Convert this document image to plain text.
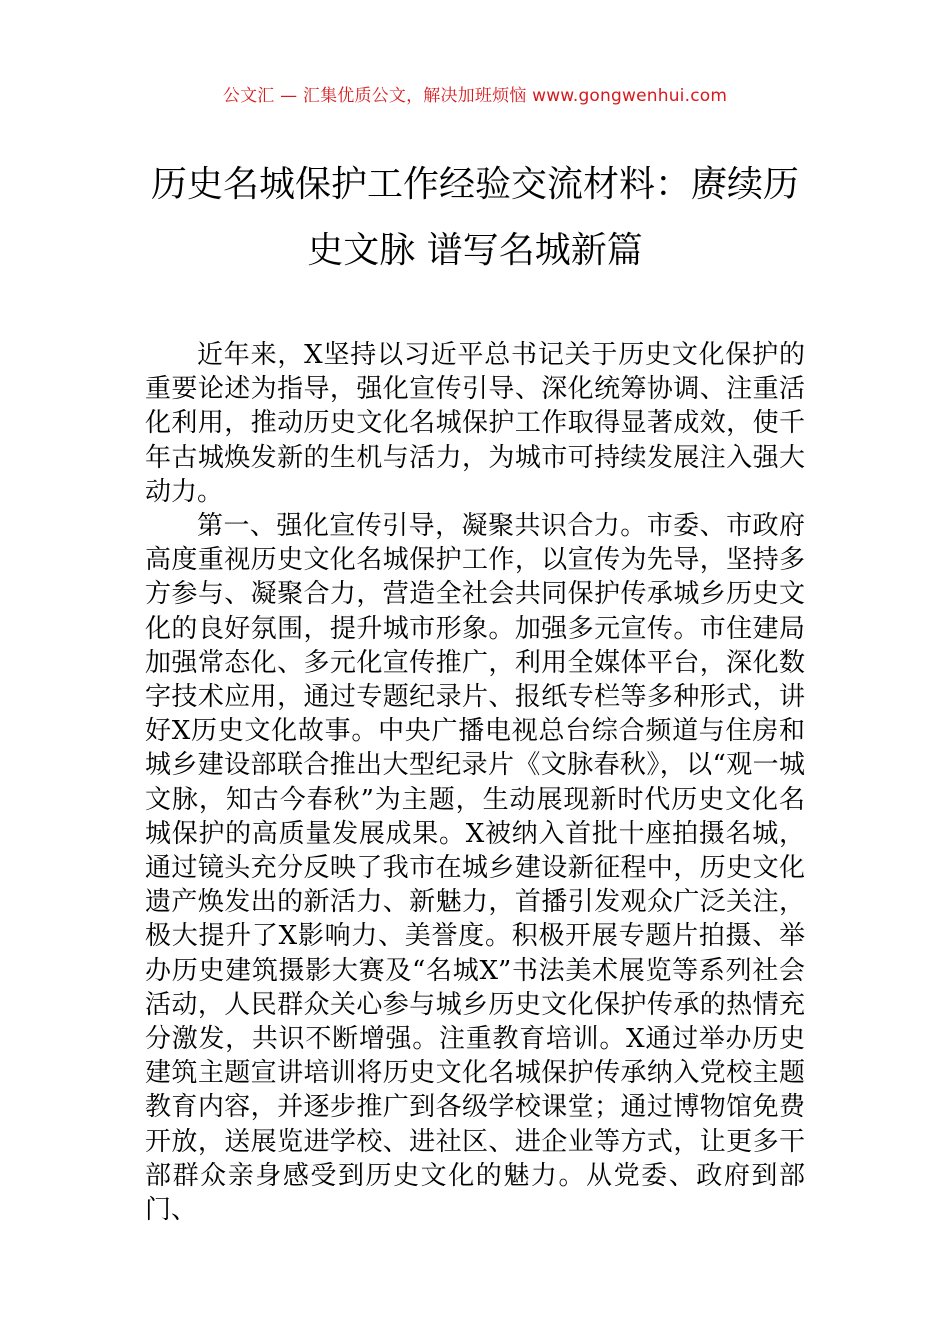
公文汇 — 汇集优质公文，解决加班烦恼 www.gongwenhui.com
历史名城保护工作经验交流材料：赓续历史文脉 谱写名城新篇

近年来，X坚持以习近平总书记关于历史文化保护的重要论述为指导，强化宣传引导、深化统筹协调、注重活化利用，推动历史文化名城保护工作取得显著成效，使千年古城焕发新的生机与活力，为城市可持续发展注入强大动力。

第一、强化宣传引导，凝聚共识合力。市委、市政府高度重视历史文化名城保护工作，以宣传为先导，坚持多方参与、凝聚合力，营造全社会共同保护传承城乡历史文化的良好氛围，提升城市形象。加强多元宣传。市住建局加强常态化、多元化宣传推广，利用全媒体平台，深化数字技术应用，通过专题纪录片、报纸专栏等多种形式，讲好X历史文化故事。中央广播电视总台综合频道与住房和城乡建设部联合推出大型纪录片《文脉春秋》，以“观一城文脉，知古今春秋”为主题，生动展现新时代历史文化名城保护的高质量发展成果。X被纳入首批十座拍摄名城，通过镜头充分反映了我市在城乡建设新征程中，历史文化遗产焕发出的新活力、新魅力，首播引发观众广泛关注，极大提升了X影响力、美誉度。积极开展专题片拍摄、举办历史建筑摄影大赛及“名城X”书法美术展览等系列社会活动，人民群众关心参与城乡历史文化保护传承的热情充分激发，共识不断增强。注重教育培训。X通过举办历史建筑主题宣讲培训将历史文化名城保护传承纳入党校主题教育内容，并逐步推广到各级学校课堂；通过博物馆免费开放，送展览进学校、进社区、进企业等方式，让更多干部群众亲身感受到历史文化的魅力。从党委、政府到部门、
